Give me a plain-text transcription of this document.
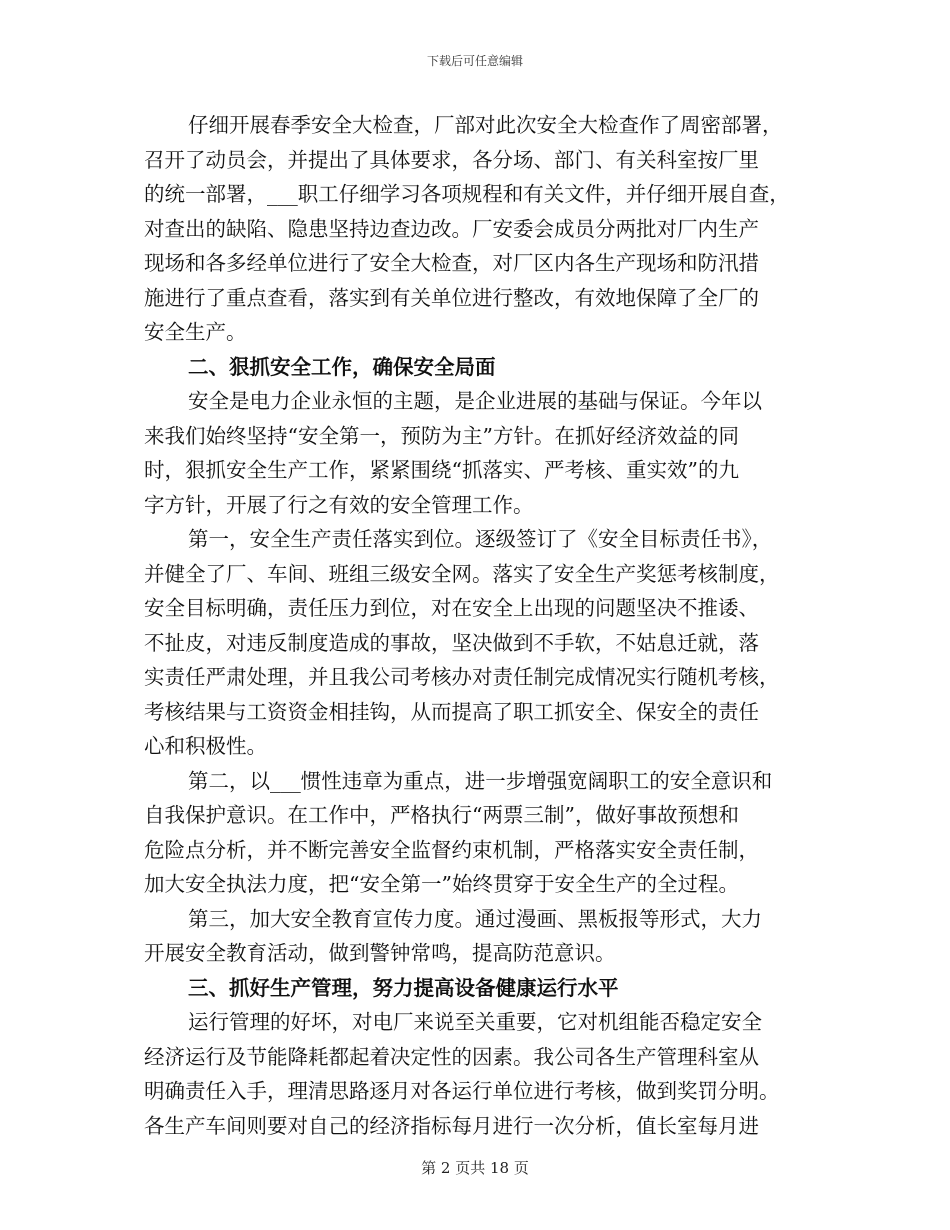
下载后可任意编辑
仔细开展春季安全大检查，厂部对此次安全大检查作了周密部署，
召开了动员会，并提出了具体要求，各分场、部门、有关科室按厂里
的统一部署，___职工仔细学习各项规程和有关文件，并仔细开展自查，
对查出的缺陷、隐患坚持边查边改。厂安委会成员分两批对厂内生产
现场和各多经单位进行了安全大检查，对厂区内各生产现场和防汛措
施进行了重点查看，落实到有关单位进行整改，有效地保障了全厂的
安全生产。
二、狠抓安全工作，确保安全局面
安全是电力企业永恒的主题，是企业进展的基础与保证。今年以
来我们始终坚持“安全第一，预防为主”方针。在抓好经济效益的同
时，狠抓安全生产工作，紧紧围绕“抓落实、严考核、重实效”的九
字方针，开展了行之有效的安全管理工作。
第一，安全生产责任落实到位。逐级签订了《安全目标责任书》，
并健全了厂、车间、班组三级安全网。落实了安全生产奖惩考核制度，
安全目标明确，责任压力到位，对在安全上出现的问题坚决不推诿、
不扯皮，对违反制度造成的事故，坚决做到不手软，不姑息迁就，落
实责任严肃处理，并且我公司考核办对责任制完成情况实行随机考核，
考核结果与工资资金相挂钩，从而提高了职工抓安全、保安全的责任
心和积极性。
第二，以___惯性违章为重点，进一步增强宽阔职工的安全意识和
自我保护意识。在工作中，严格执行“两票三制”，做好事故预想和
危险点分析，并不断完善安全监督约束机制，严格落实安全责任制，
加大安全执法力度，把“安全第一”始终贯穿于安全生产的全过程。
第三，加大安全教育宣传力度。通过漫画、黑板报等形式，大力
开展安全教育活动，做到警钟常鸣，提高防范意识。
三、抓好生产管理，努力提高设备健康运行水平
运行管理的好坏，对电厂来说至关重要，它对机组能否稳定安全
经济运行及节能降耗都起着决定性的因素。我公司各生产管理科室从
明确责任入手，理清思路逐月对各运行单位进行考核，做到奖罚分明。
各生产车间则要对自己的经济指标每月进行一次分析，值长室每月进
第 2 页共 18 页
